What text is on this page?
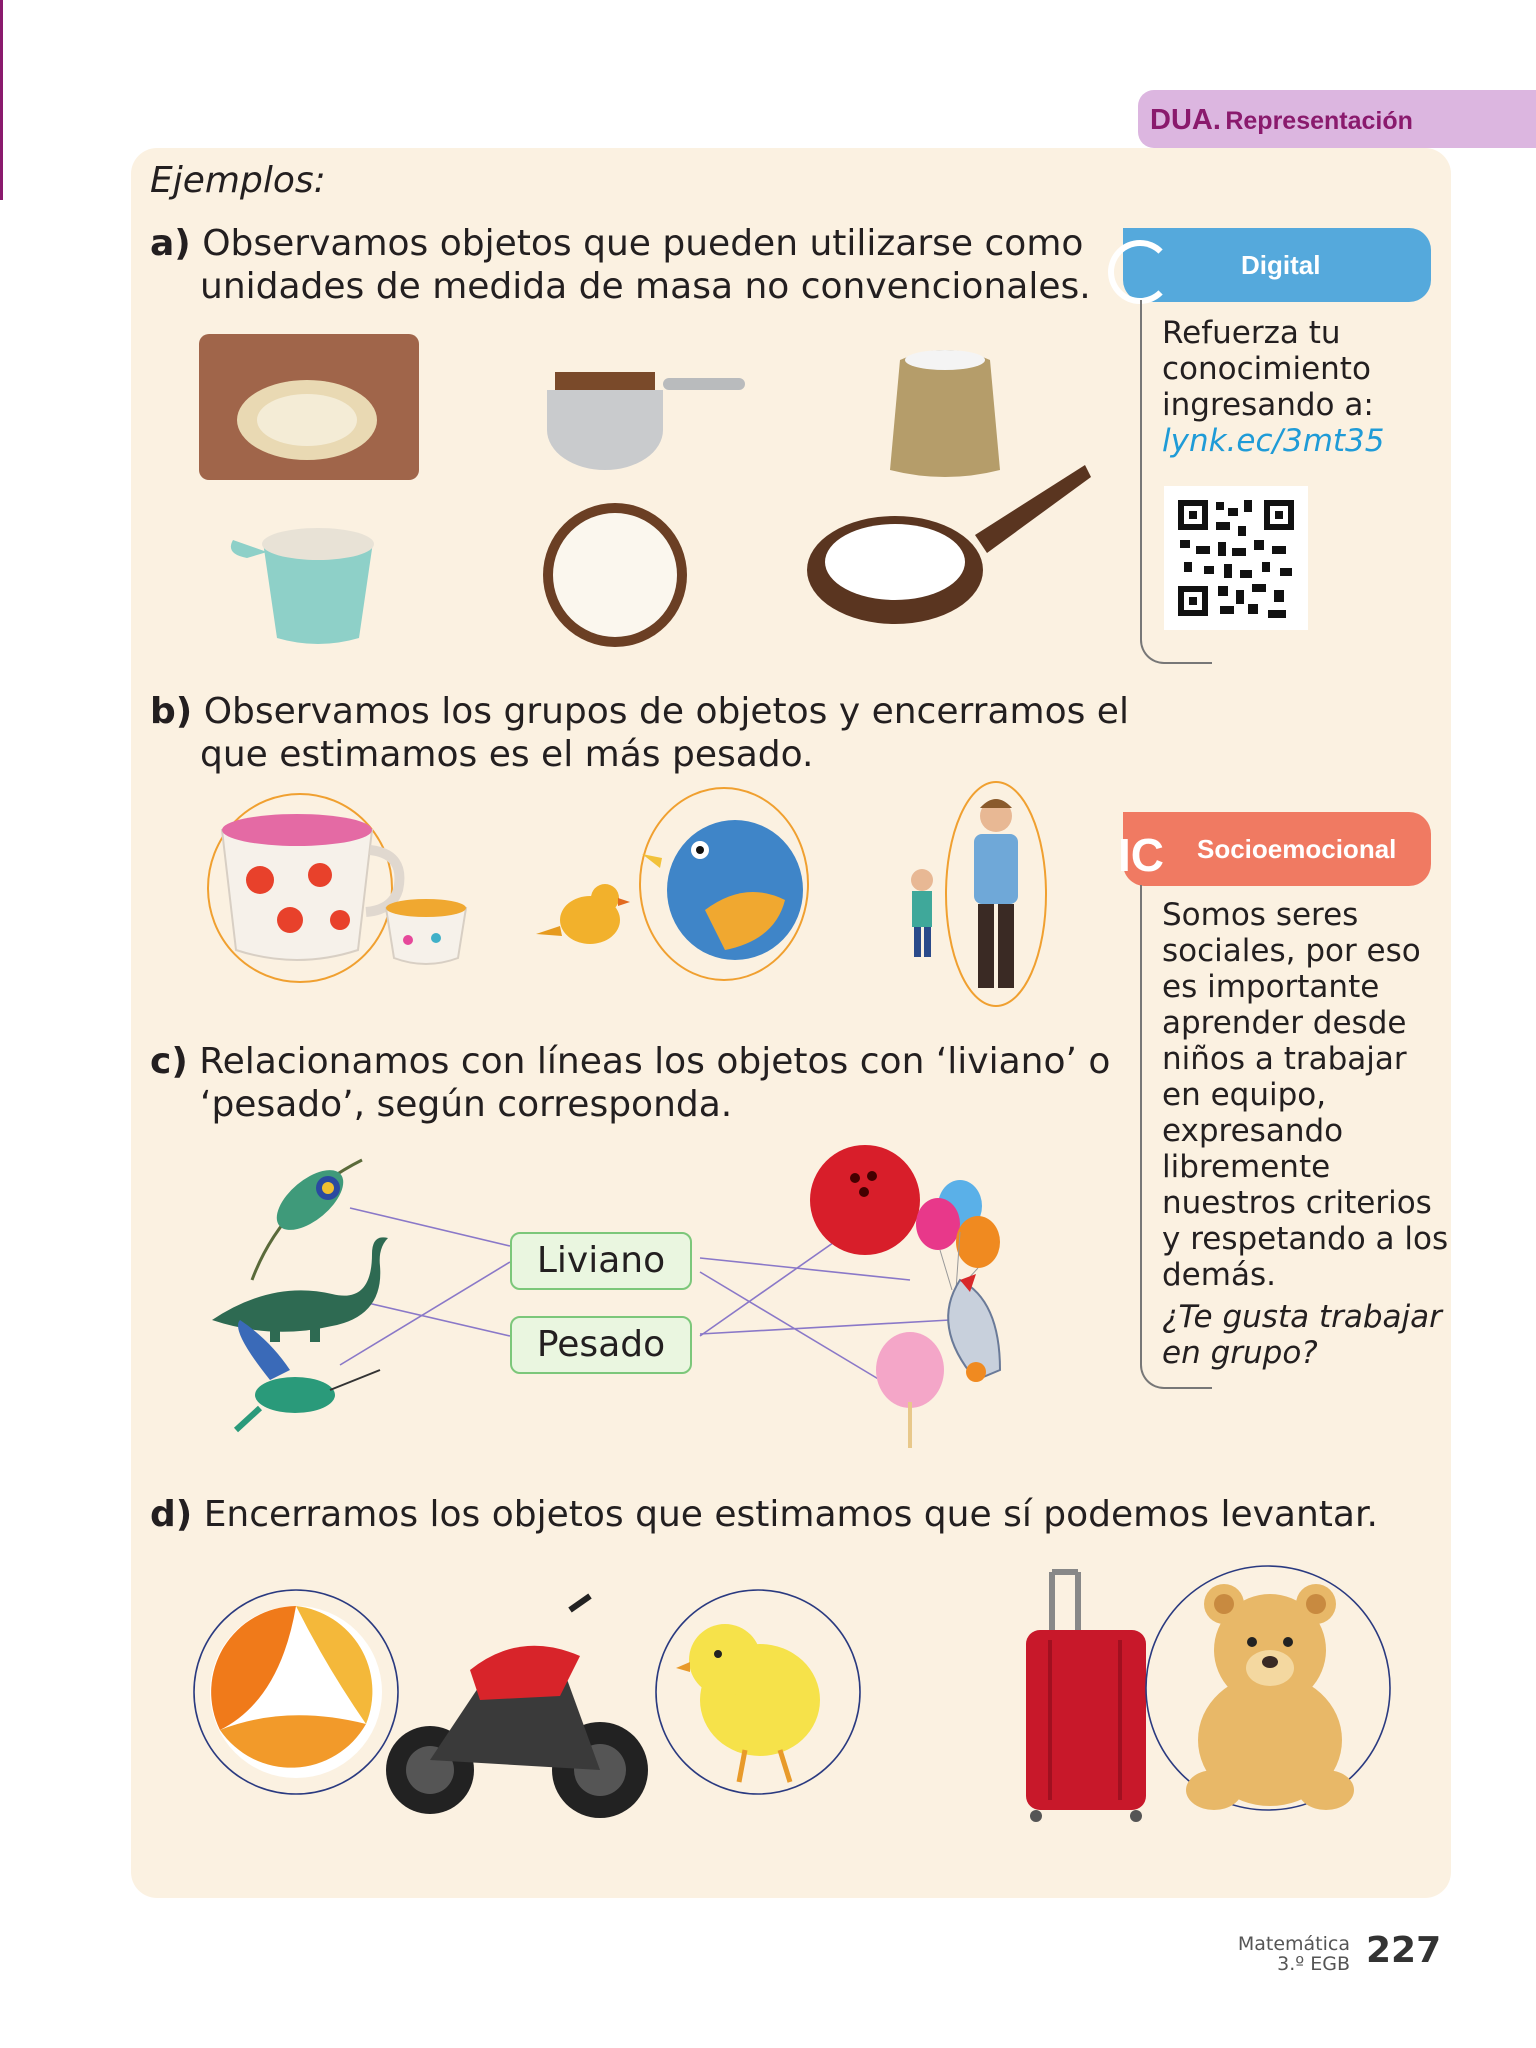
DUA. Representación
Ejemplos:
a) Observamos objetos que pueden utilizarse como unidades de medida de masa no convencionales.
Digital
Refuerza tu
conocimiento
ingresando a:
lynk.ec/3mt35
b) Observamos los grupos de objetos y encerramos el que estimamos es el más pesado.
Socioemocional
IC
Somos seres sociales, por eso es importante aprender desde niños a trabajar en equipo, expresando libremente nuestros criterios y respetando a los demás.
¿Te gusta trabajar en grupo?
c) Relacionamos con líneas los objetos con ‘liviano’ o ‘pesado’, según corresponda.
Liviano
Pesado
d) Encerramos los objetos que estimamos que sí podemos levantar.
Matemática
3.º EGB 227
